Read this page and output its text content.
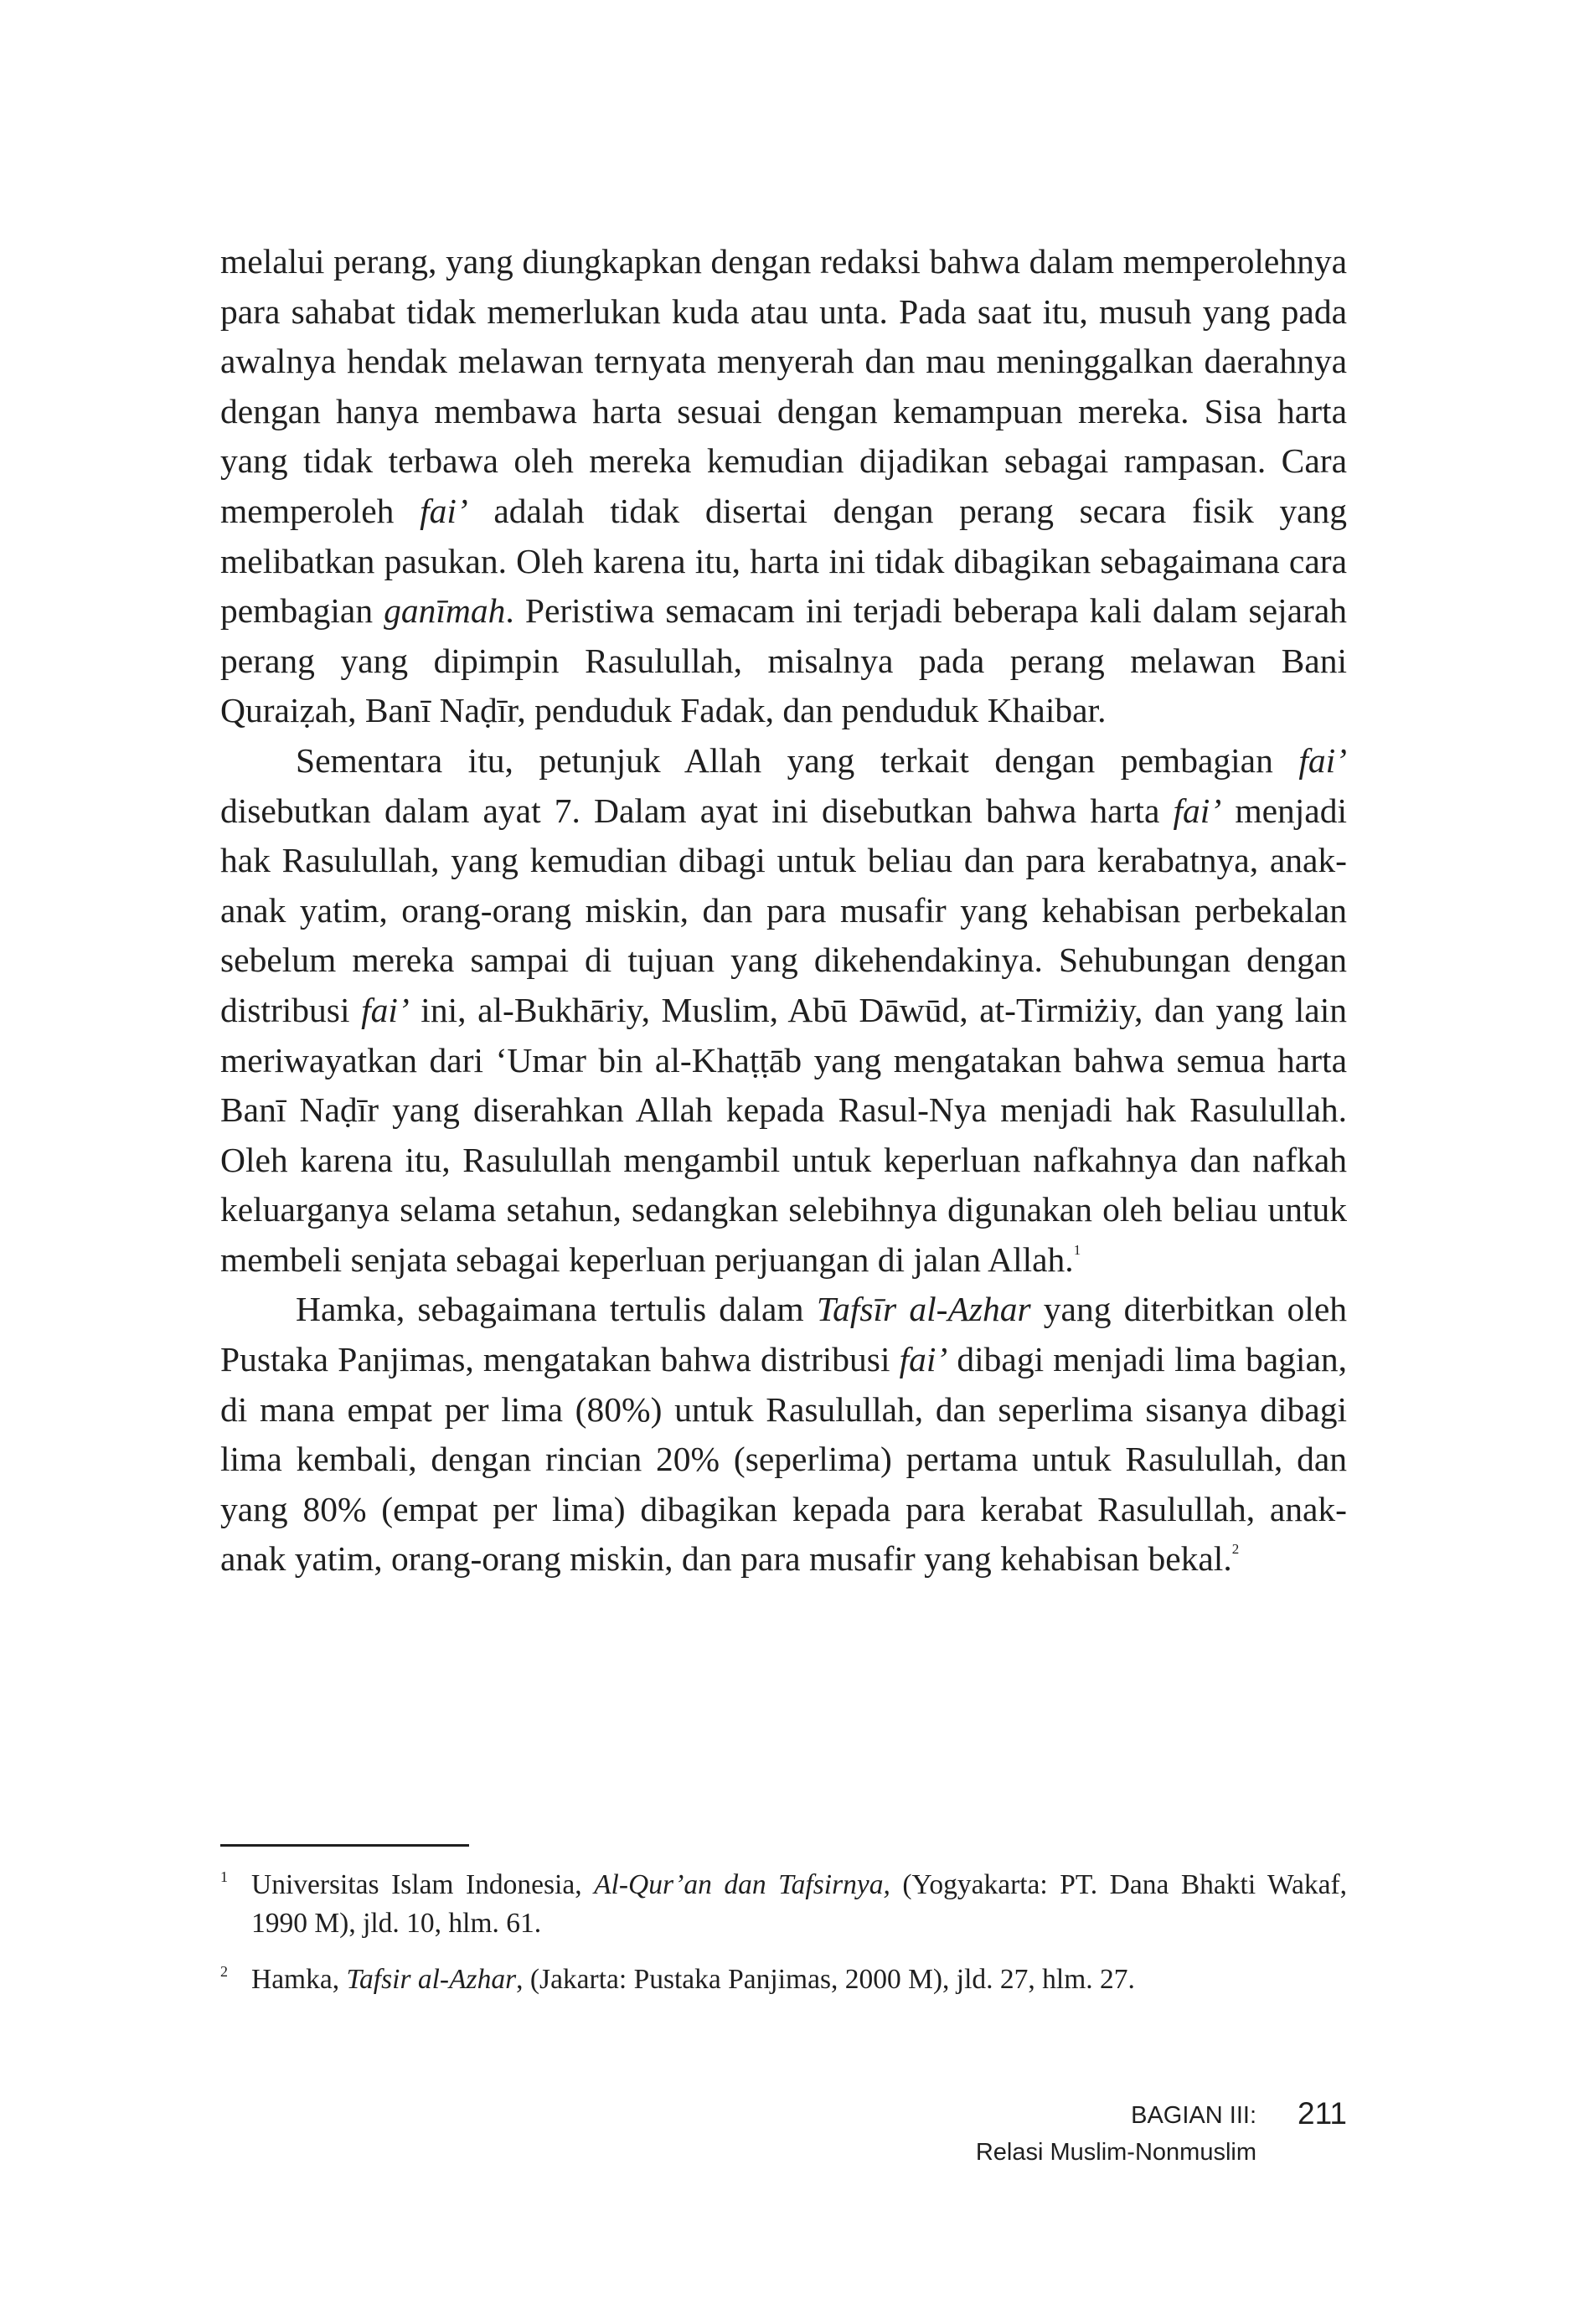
melalui perang, yang diungkapkan dengan redaksi bahwa dalam memperolehnya para sahabat tidak memerlukan kuda atau unta. Pada saat itu, musuh yang pada awalnya hendak melawan ternyata menyerah dan mau meninggalkan daerahnya dengan hanya membawa harta sesuai dengan kemampuan mereka. Sisa harta yang tidak terbawa oleh mereka kemudian dijadikan sebagai rampasan. Cara memperoleh fai’ adalah tidak disertai dengan perang secara fisik yang melibatkan pasukan. Oleh karena itu, harta ini tidak dibagikan sebagaimana cara pembagian ganīmah. Peristiwa semacam ini terjadi beberapa kali dalam sejarah perang yang dipimpin Rasulullah, misalnya pada perang melawan Bani Quraiẓah, Banī Naḍīr, penduduk Fadak, dan penduduk Khaibar.

Sementara itu, petunjuk Allah yang terkait dengan pembagian fai’ disebutkan dalam ayat 7. Dalam ayat ini disebutkan bahwa harta fai’ menjadi hak Rasulullah, yang kemudian dibagi untuk beliau dan para kerabatnya, anak-anak yatim, orang-orang miskin, dan para musafir yang kehabisan perbekalan sebelum mereka sampai di tujuan yang dikehendakinya. Sehubungan dengan distribusi fai’ ini, al-Bukhāriy, Muslim, Abū Dāwūd, at-Tirmiżiy, dan yang lain meriwayatkan dari ‘Umar bin al-Khaṭṭāb yang mengatakan bahwa semua harta Banī Naḍīr yang diserahkan Allah kepada Rasul-Nya menjadi hak Rasulullah. Oleh karena itu, Rasulullah mengambil untuk keperluan nafkahnya dan nafkah keluarganya selama setahun, sedangkan selebihnya digunakan oleh beliau untuk membeli senjata sebagai keperluan perjuangan di jalan Allah.$^1$

Hamka, sebagaimana tertulis dalam Tafsīr al-Azhar yang diterbitkan oleh Pustaka Panjimas, mengatakan bahwa distribusi fai’ dibagi menjadi lima bagian, di mana empat per lima (80%) untuk Rasulullah, dan seperlima sisanya dibagi lima kembali, dengan rincian 20% (seperlima) pertama untuk Rasulullah, dan yang 80% (empat per lima) dibagikan kepada para kerabat Rasulullah, anak-anak yatim, orang-orang miskin, dan para musafir yang kehabisan bekal.$^2$

1 Universitas Islam Indonesia, Al-Qur’an dan Tafsirnya, (Yogyakarta: PT. Dana Bhakti Wakaf, 1990 M), jld. 10, hlm. 61.
2 Hamka, Tafsir al-Azhar, (Jakarta: Pustaka Panjimas, 2000 M), jld. 27, hlm. 27.
BAGIAN III:
Relasi Muslim-Nonmuslim
211
